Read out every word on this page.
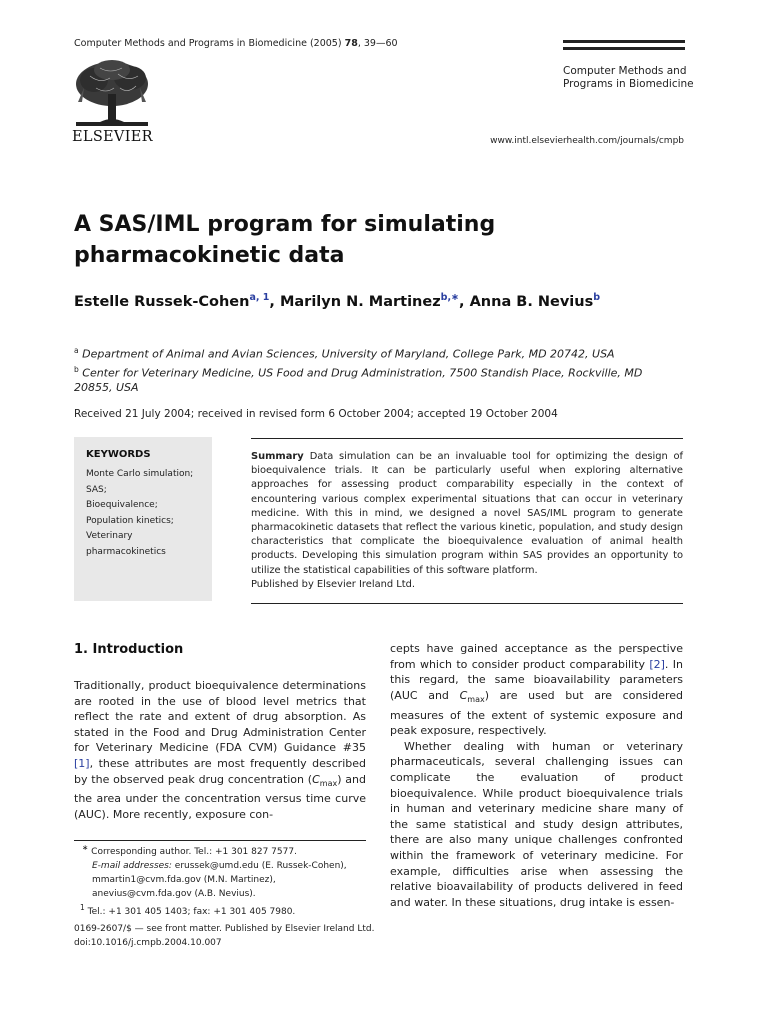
Computer Methods and Programs in Biomedicine (2005) 78, 39—60
ELSEVIER
Computer Methods and
Programs in Biomedicine
www.intl.elsevierhealth.com/journals/cmpb
A SAS/IML program for simulating pharmacokinetic data
Estelle Russek-Cohen$^{a, 1}$, Marilyn N. Martinez$^{b,∗}$, Anna B. Nevius$^b$
$^a$ Department of Animal and Avian Sciences, University of Maryland, College Park, MD 20742, USA
$^b$ Center for Veterinary Medicine, US Food and Drug Administration, 7500 Standish Place, Rockville, MD 20855, USA
Received 21 July 2004; received in revised form 6 October 2004; accepted 19 October 2004
KEYWORDS
Monte Carlo simulation;
SAS;
Bioequivalence;
Population kinetics;
Veterinary
pharmacokinetics
Summary Data simulation can be an invaluable tool for optimizing the design of bioequivalence trials. It can be particularly useful when exploring alternative approaches for assessing product comparability especially in the context of encountering various complex experimental situations that can occur in veterinary medicine. With this in mind, we designed a novel SAS/IML program to generate pharmacokinetic datasets that reflect the various kinetic, population, and study design characteristics that complicate the bioequivalence evaluation of animal health products. Developing this simulation program within SAS provides an opportunity to utilize the statistical capabilities of this software platform.
Published by Elsevier Ireland Ltd.
1. Introduction
Traditionally, product bioequivalence determinations are rooted in the use of blood level metrics that reflect the rate and extent of drug absorption. As stated in the Food and Drug Administration Center for Veterinary Medicine (FDA CVM) Guidance #35 [1], these attributes are most frequently described by the observed peak drug concentration $(C_{max})$ and the area under the concentration versus time curve (AUC). More recently, exposure con-
cepts have gained acceptance as the perspective from which to consider product comparability [2]. In this regard, the same bioavailability parameters (AUC and $C_{max}$) are used but are considered measures of the extent of systemic exposure and peak exposure, respectively.
Whether dealing with human or veterinary pharmaceuticals, several challenging issues can complicate the evaluation of product bioequivalence. While product bioequivalence trials in human and veterinary medicine share many of the same statistical and study design attributes, there are also many unique challenges confronted within the framework of veterinary medicine. For example, difficulties arise when assessing the relative bioavailability of products delivered in feed and water. In these situations, drug intake is essen-

∗ Corresponding author. Tel.: +1 301 827 7577.

E-mail addresses: erussek@umd.edu (E. Russek-Cohen), mmartin1@cvm.fda.gov (M.N. Martinez), anevius@cvm.fda.gov (A.B. Nevius).

$^1$ Tel.: +1 301 405 1403; fax: +1 301 405 7980.

0169-2607/$ — see front matter. Published by Elsevier Ireland Ltd.
doi:10.1016/j.cmpb.2004.10.007
